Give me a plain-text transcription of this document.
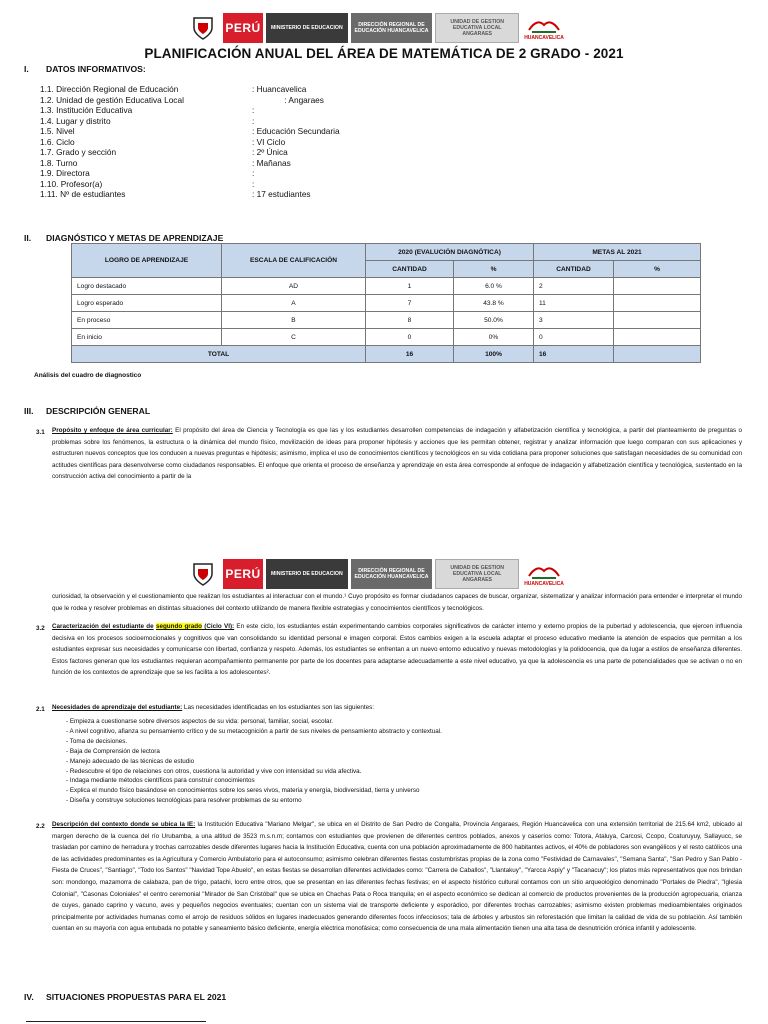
PERÚ	MINISTERIO DE EDUCACION	DIRECCIÓN REGIONAL DE EDUCACIÓN HUANCAVELICA
UNIDAD DE GESTION EDUCATIVA LOCAL ANGARAES
HUANCAVELICA
PLANIFICACIÓN ANUAL DEL ÁREA DE MATEMÁTICA DE 2 GRADO - 2021
I. DATOS INFORMATIVOS:
1.1. Dirección Regional de Educación	: Huancavelica
1.2. Unidad de gestión Educativa Local	: Angaraes
1.3. Institución Educativa	:
1.4. Lugar y distrito	:
1.5. Nivel	: Educación Secundaria
1.6. Ciclo	: VI Ciclo
1.7. Grado y sección	: 2º Única
1.8. Turno	: Mañanas
1.9. Directora	:
1.10. Profesor(a)	:
1.11. Nº de estudiantes	: 17 estudiantes
II. DIAGNÓSTICO Y METAS DE APRENDIZAJE
LOGRO DE APRENDIZAJE	ESCALA DE CALIFICACIÓN	2020 (EVALUCIÓN DIAGNÓTICA)		METAS AL 2021	
		CANTIDAD	%	CANTIDAD	%
Logro destacado	AD	1	6.0 %	2	
Logro esperado	A	7	43.8 %	11	
En proceso	B	8	50.0%	3	
En inicio	C	0	0%	0	
TOTAL		16	100%	16	
Análisis del cuadro de diagnostico
III. DESCRIPCIÓN GENERAL
3.1 Propósito y enfoque de área curricular: El propósito del área de Ciencia y Tecnología es que las y los estudiantes desarrollen competencias de indagación y alfabetización científica y tecnológica, a partir del planteamiento de preguntas o problemas sobre los fenómenos, la estructura o la dinámica del mundo físico, movilización de ideas para proponer hipótesis y acciones que les permitan obtener, registrar y analizar información que luego comparan con sus aplicaciones y estructuren nuevos conceptos que los conducen a nuevas preguntas e hipótesis; asimismo, implica el uso de conocimientos científicos y tecnológicos en su vida cotidiana para proponer soluciones que satisfagan necesidades de su comunidad con actitudes científicas para desenvolverse como ciudadanos responsables. El enfoque que orienta el proceso de enseñanza y aprendizaje en esta área corresponde al enfoque de indagación y alfabetización científica y tecnológica, sustentado en la construcción activa del conocimiento a partir de la
PERÚ	MINISTERIO DE EDUCACION	DIRECCIÓN REGIONAL DE EDUCACIÓN HUANCAVELICA
UNIDAD DE GESTION EDUCATIVA LOCAL ANGARAES
HUANCAVELICA
curiosidad, la observación y el cuestionamiento que realizan los estudiantes al interactuar con el mundo.¹ Cuyo propósito es formar ciudadanos capaces de buscar, organizar, sistematizar y analizar información para entender e interpretar el mundo que le rodea y resolver problemas en distintas situaciones del contexto utilizando de manera flexible estrategias y conocimientos científicos y tecnológicos.
3.2 Caracterización del estudiante de segundo grado (Ciclo VI): En este ciclo, los estudiantes están experimentando cambios corporales significativos de carácter interno y externo propios de la pubertad y adolescencia, que ejercen influencia decisiva en los procesos socioemocionales y cognitivos que van consolidando su identidad personal e imagen corporal. Estos cambios exigen a la escuela adaptar el proceso educativo mediante la atención de espacios que permitan a los estudiantes expresar sus necesidades y comunicarse con libertad, confianza y respeto. Además, los estudiantes se enfrentan a un nuevo entorno educativo y nuevas metodologías y la polidocencia, que da lugar a estilos de enseñanza diferentes. Estos factores generan que los estudiantes requieran acompañamiento permanente por parte de los docentes para adaptarse adecuadamente a este nivel educativo, ya que la adolescencia es una parte de potencialidades que se activan o no en función de los contextos de aprendizaje que se les facilita a los adolescentes².
2.1 Necesidades de aprendizaje del estudiante: Las necesidades identificadas en los estudiantes son las siguientes:
- Empieza a cuestionarse sobre diversos aspectos de su vida: personal, familiar, social, escolar.
- A nivel cognitivo, afianza su pensamiento crítico y de su metacognición a partir de sus niveles de pensamiento abstracto y contextual.
- Toma de decisiones.
- Baja de Comprensión de lectora
- Manejo adecuado de las técnicas de estudio
- Redescubre el tipo de relaciones con otros, cuestiona la autoridad y vive con intensidad su vida afectiva.
- Indaga mediante métodos científicos para construir conocimientos
- Explica el mundo físico basándose en conocimientos sobre los seres vivos, materia y energía, biodiversidad, tierra y universo
- Diseña y construye soluciones tecnológicas para resolver problemas de su entorno
2.2 Descripción del contexto donde se ubica la IE: la Institución Educativa "Mariano Melgar", se ubica en el Distrito de San Pedro de Congalla, Provincia Angaraes, Región Huancavelica con una extensión territorial de 215.64 km2, ubicado al margen derecho de la cuenca del río Urubamba, a una altitud de 3523 m.s.n.m; contamos con estudiantes que provienen de diferentes centros poblados, anexos y caseríos como: Totora, Ataluya, Carcosi, Ccopo, Ccaturuyuy, Sallayucc, se trasladan por camino de herradura y trochas carrozables desde diferentes lugares hacia la Institución Educativa, cuenta con una población aproximadamente de 800 habitantes activos, el 40% de pobladores son evangélicos y el resto católicos una de las actividades predominantes es la Agricultura y Comercio Ambulatorio para el autoconsumo; asimismo celebran diferentes fiestas costumbristas propias de la zona como "Festividad de Carnavales", "Semana Santa", "San Pedro y San Pablo - Fiesta de Cruces", "Santiago", "Todo los Santos" "Navidad Tope Abuelo", en estas fiestas se desarrollan diferentes actividades como: "Carrera de Caballos", "Llantakuy", "Yarcca Aspiy" y "Tacanacuy"; los platos más representativos que nos brindan son: mondongo, mazamorra de calabaza, pan de trigo, patachi, locro entre otros, que se presentan en las diferentes fechas festivas; en el aspecto histórico cultural contamos con un sitio arqueológico denominado "Portales de Piedra", "Iglesia Colonial", "Casonas Coloniales" el centro ceremonial "Mirador de San Cristóbal" que se ubica en Chachas Pata o Roca tranquila; en el aspecto económico se dedican al comercio de productos provenientes de la producción agropecuaria, crianza de cuyes, ganado caprino y vacuno, aves y pequeños negocios eventuales; cuentan con un sistema vial de transporte deficiente y esporádico, por diferentes trochas carrozables; asimismo existen problemas medioambientales originados principalmente por actividades humanas como el arrojo de residuos sólidos en lugares inadecuados generando diferentes focos infecciosos; tala de árboles y arbustos sin reforestación que limitan la calidad de vida de su población. Así también cuentan en su mayoría con agua entubada no potable y saneamiento básico deficiente, energía eléctrica monofásica; como consecuencia de una mala alimentación tienen una alta tasa de desnutrición crónica infantil y adolescente.
IV. SITUACIONES PROPUESTAS PARA EL 2021
